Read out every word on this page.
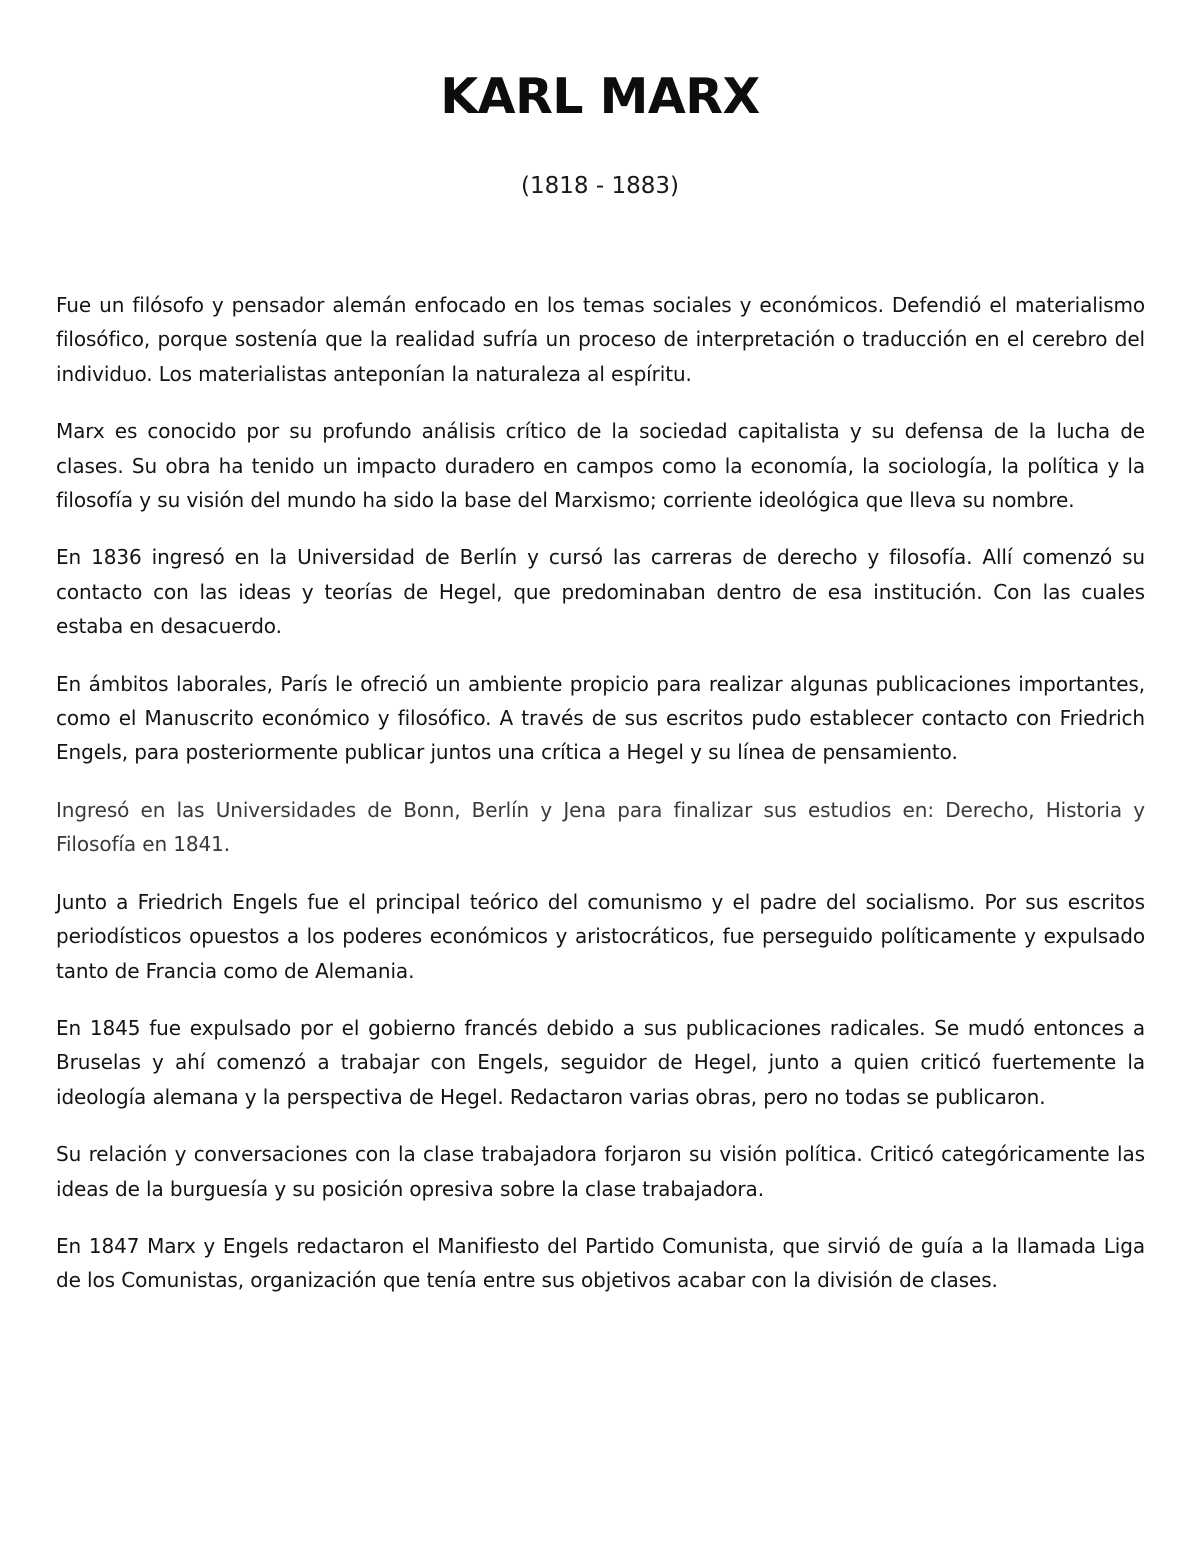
KARL MARX

(1818 - 1883)

Fue un filósofo y pensador alemán enfocado en los temas sociales y económicos. Defendió el materialismo filosófico, porque sostenía que la realidad sufría un proceso de interpretación o traducción en el cerebro del individuo. Los materialistas anteponían la naturaleza al espíritu.

Marx es conocido por su profundo análisis crítico de la sociedad capitalista y su defensa de la lucha de clases. Su obra ha tenido un impacto duradero en campos como la economía, la sociología, la política y la filosofía y su visión del mundo ha sido la base del Marxismo; corriente ideológica que lleva su nombre.

En 1836 ingresó en la Universidad de Berlín y cursó las carreras de derecho y filosofía. Allí comenzó su contacto con las ideas y teorías de Hegel, que predominaban dentro de esa institución. Con las cuales estaba en desacuerdo.

En ámbitos laborales, París le ofreció un ambiente propicio para realizar algunas publicaciones importantes, como el Manuscrito económico y filosófico. A través de sus escritos pudo establecer contacto con Friedrich Engels, para posteriormente publicar juntos una crítica a Hegel y su línea de pensamiento.

Ingresó en las Universidades de Bonn, Berlín y Jena para finalizar sus estudios en: Derecho, Historia y Filosofía en 1841.

Junto a Friedrich Engels fue el principal teórico del comunismo y el padre del socialismo. Por sus escritos periodísticos opuestos a los poderes económicos y aristocráticos, fue perseguido políticamente y expulsado tanto de Francia como de Alemania.

En 1845 fue expulsado por el gobierno francés debido a sus publicaciones radicales. Se mudó entonces a Bruselas y ahí comenzó a trabajar con Engels, seguidor de Hegel, junto a quien criticó fuertemente la ideología alemana y la perspectiva de Hegel. Redactaron varias obras, pero no todas se publicaron.

Su relación y conversaciones con la clase trabajadora forjaron su visión política. Criticó categóricamente las ideas de la burguesía y su posición opresiva sobre la clase trabajadora.

En 1847 Marx y Engels redactaron el Manifiesto del Partido Comunista, que sirvió de guía a la llamada Liga de los Comunistas, organización que tenía entre sus objetivos acabar con la división de clases.
